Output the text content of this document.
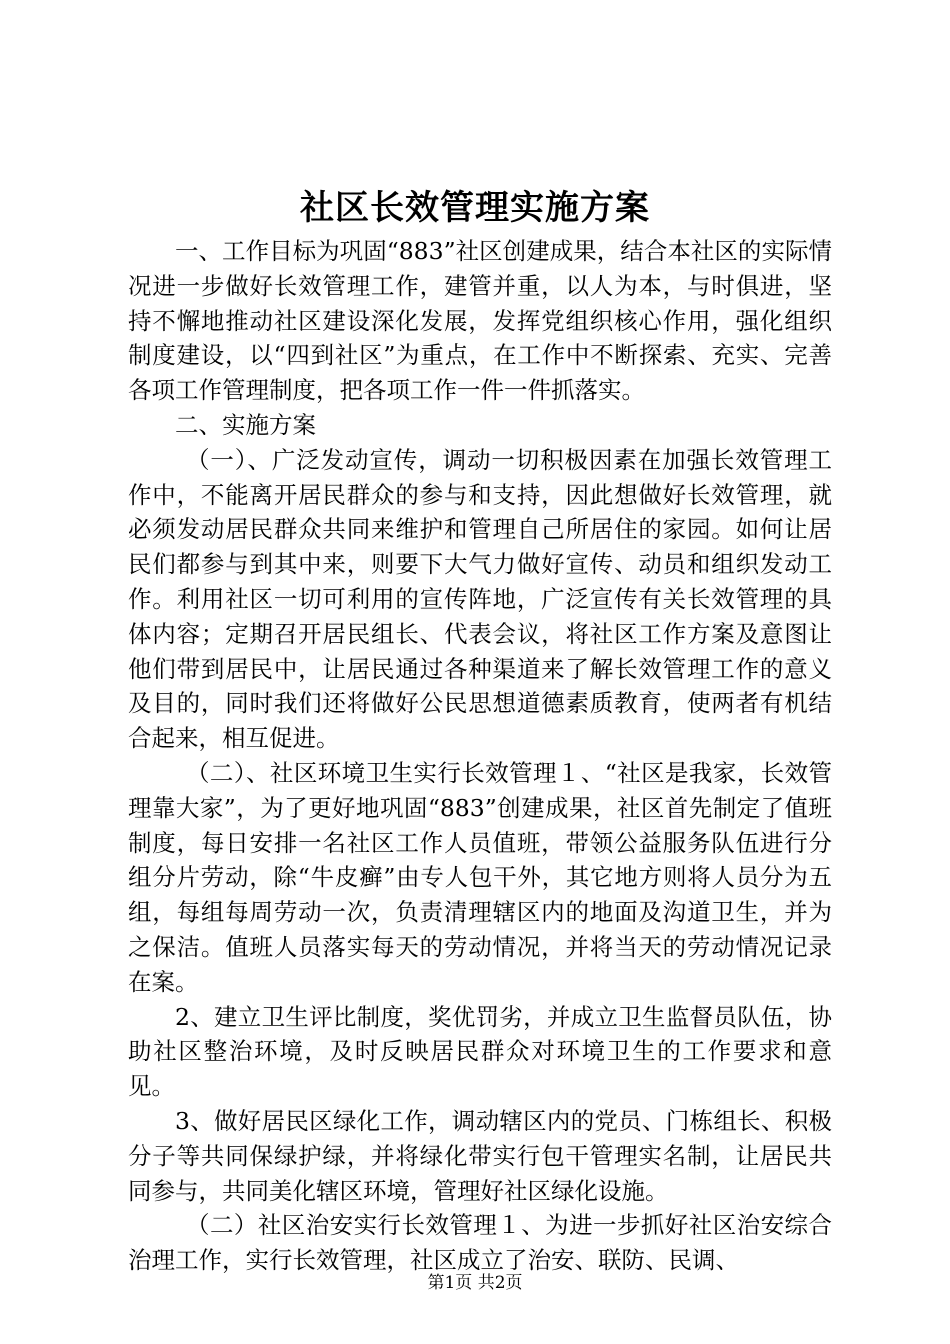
社区长效管理实施方案

一、工作目标为巩固“883”社区创建成果，结合本社区的实际情况进一步做好长效管理工作，建管并重，以人为本，与时俱进，坚持不懈地推动社区建设深化发展，发挥党组织核心作用，强化组织制度建设，以“四到社区”为重点，在工作中不断探索、充实、完善各项工作管理制度，把各项工作一件一件抓落实。

二、实施方案

（一）、广泛发动宣传，调动一切积极因素在加强长效管理工作中，不能离开居民群众的参与和支持，因此想做好长效管理，就必须发动居民群众共同来维护和管理自己所居住的家园。如何让居民们都参与到其中来，则要下大气力做好宣传、动员和组织发动工作。利用社区一切可利用的宣传阵地，广泛宣传有关长效管理的具体内容；定期召开居民组长、代表会议，将社区工作方案及意图让他们带到居民中，让居民通过各种渠道来了解长效管理工作的意义及目的，同时我们还将做好公民思想道德素质教育，使两者有机结合起来，相互促进。

（二）、社区环境卫生实行长效管理１、“社区是我家，长效管理靠大家”，为了更好地巩固“883”创建成果，社区首先制定了值班制度，每日安排一名社区工作人员值班，带领公益服务队伍进行分组分片劳动，除“牛皮癣”由专人包干外，其它地方则将人员分为五组，每组每周劳动一次，负责清理辖区内的地面及沟道卫生，并为之保洁。值班人员落实每天的劳动情况，并将当天的劳动情况记录在案。

2、建立卫生评比制度，奖优罚劣，并成立卫生监督员队伍，协助社区整治环境，及时反映居民群众对环境卫生的工作要求和意见。

3、做好居民区绿化工作，调动辖区内的党员、门栋组长、积极分子等共同保绿护绿，并将绿化带实行包干管理实名制，让居民共同参与，共同美化辖区环境，管理好社区绿化设施。

（二）社区治安实行长效管理１、为进一步抓好社区治安综合治理工作，实行长效管理，社区成立了治安、联防、民调、

第1页 共2页
